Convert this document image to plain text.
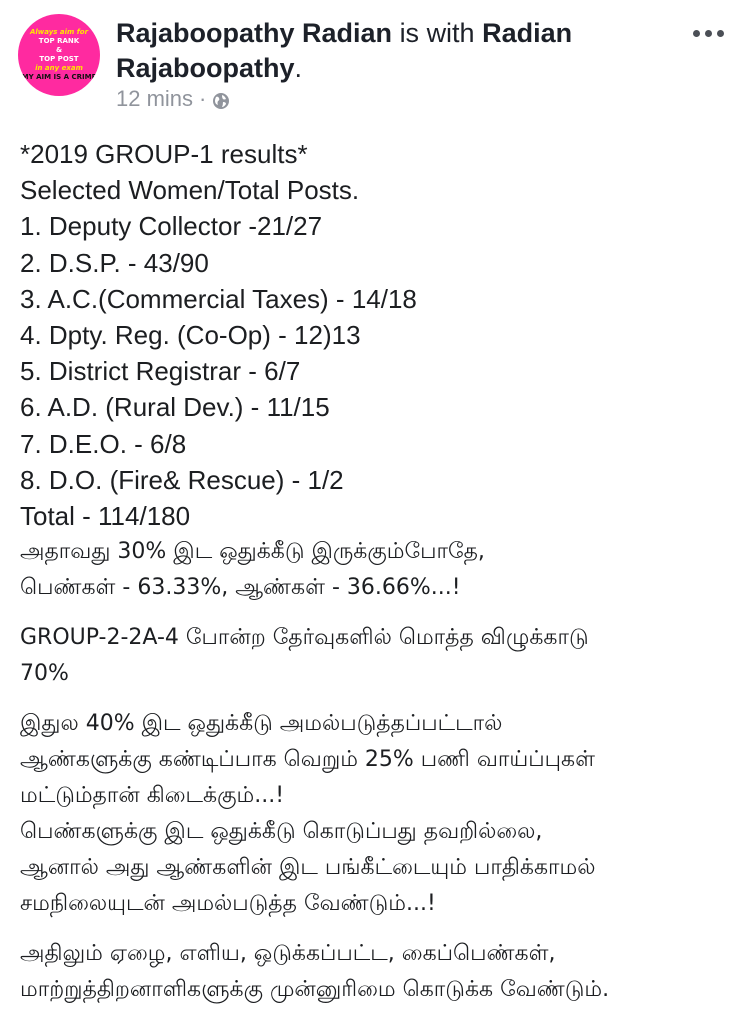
Always aim for
TOP RANK
&
TOP POST
in any exam
MY AIM IS A CRIME
Rajaboopathy Radian is with Radian Rajaboopathy.
12 mins ·
*2019 GROUP-1 results*
Selected Women/Total Posts.
1. Deputy Collector -21/27
2. D.S.P. - 43/90
3. A.C.(Commercial Taxes) - 14/18
4. Dpty. Reg. (Co-Op) - 12)13
5. District Registrar - 6/7
6. A.D. (Rural Dev.) - 11/15
7. D.E.O. - 6/8
8. D.O. (Fire& Rescue) - 1/2
Total - 114/180
அதாவது 30% இட ஒதுக்கீடு இருக்கும்போதே,
பெண்கள் - 63.33%, ஆண்கள் - 36.66%...!
GROUP-2-2A-4 போன்ற தேர்வுகளில் மொத்த விழுக்காடு
70%
இதுல 40% இட ஒதுக்கீடு அமல்படுத்தப்பட்டால்
ஆண்களுக்கு கண்டிப்பாக வெறும் 25% பணி வாய்ப்புகள்
மட்டும்தான் கிடைக்கும்...!
பெண்களுக்கு இட ஒதுக்கீடு கொடுப்பது தவறில்லை,
ஆனால் அது ஆண்களின் இட பங்கீட்டையும் பாதிக்காமல்
சமநிலையுடன் அமல்படுத்த வேண்டும்...!
அதிலும் ஏழை, எளிய, ஒடுக்கப்பட்ட, கைப்பெண்கள்,
மாற்றுத்திறனாளிகளுக்கு முன்னுரிமை கொடுக்க வேண்டும்.
